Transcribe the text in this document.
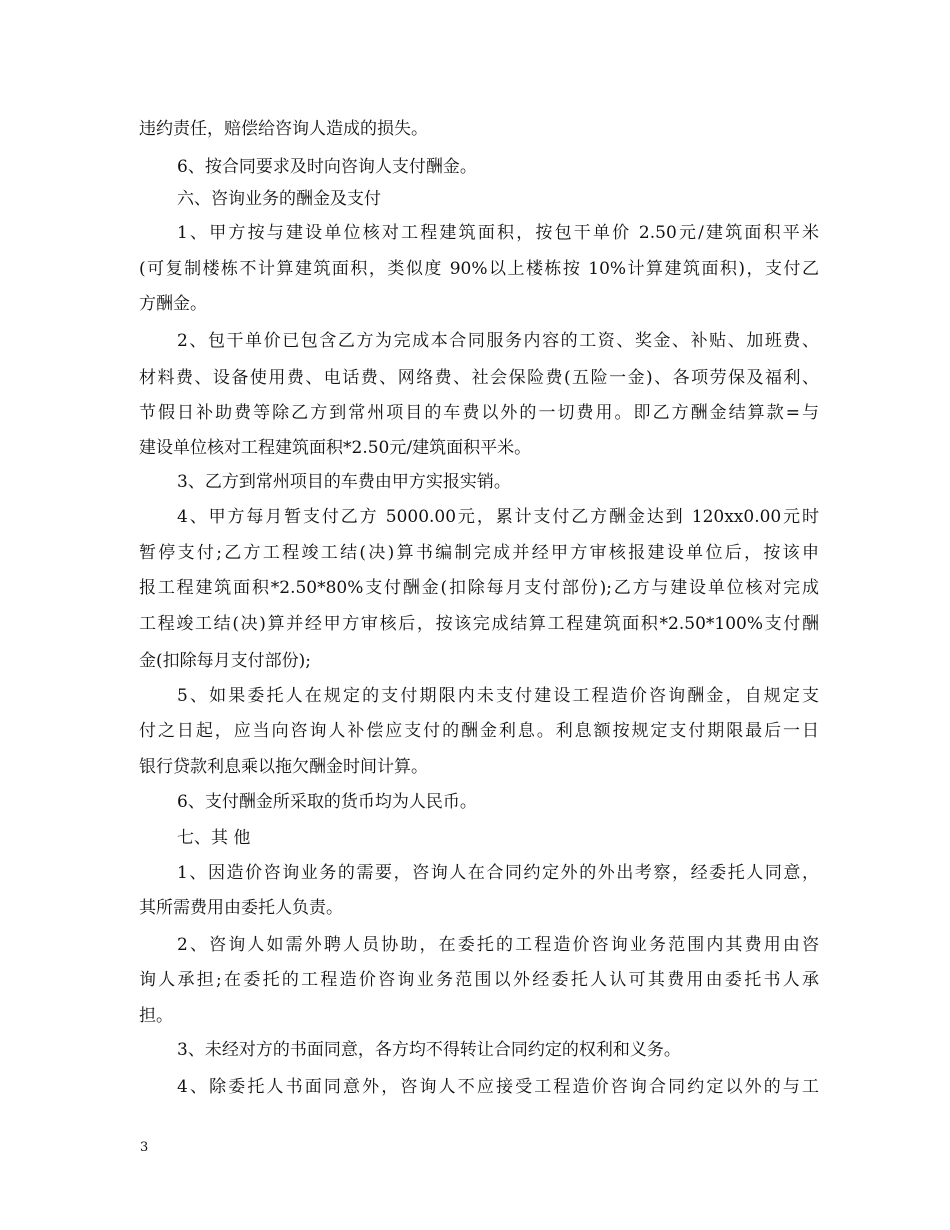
违约责任，赔偿给咨询人造成的损失。
6、按合同要求及时向咨询人支付酬金。
六、咨询业务的酬金及支付
1、甲方按与建设单位核对工程建筑面积，按包干单价 2.50元/建筑面积平米
(可复制楼栋不计算建筑面积，类似度 90%以上楼栋按 10%计算建筑面积)，支付乙
方酬金。
2、包干单价已包含乙方为完成本合同服务内容的工资、奖金、补贴、加班费、
材料费、设备使用费、电话费、网络费、社会保险费(五险一金)、各项劳保及福利、
节假日补助费等除乙方到常州项目的车费以外的一切费用。即乙方酬金结算款=与
建设单位核对工程建筑面积*2.50元/建筑面积平米。
3、乙方到常州项目的车费由甲方实报实销。
4、甲方每月暂支付乙方 5000.00元，累计支付乙方酬金达到 120xx0.00元时
暂停支付;乙方工程竣工结(决)算书编制完成并经甲方审核报建设单位后，按该申
报工程建筑面积*2.50*80%支付酬金(扣除每月支付部份);乙方与建设单位核对完成
工程竣工结(决)算并经甲方审核后，按该完成结算工程建筑面积*2.50*100%支付酬
金(扣除每月支付部份);
5、如果委托人在规定的支付期限内未支付建设工程造价咨询酬金，自规定支
付之日起，应当向咨询人补偿应支付的酬金利息。利息额按规定支付期限最后一日
银行贷款利息乘以拖欠酬金时间计算。
6、支付酬金所采取的货币均为人民币。
七、其 他
1、因造价咨询业务的需要，咨询人在合同约定外的外出考察，经委托人同意，
其所需费用由委托人负责。
2、咨询人如需外聘人员协助，在委托的工程造价咨询业务范围内其费用由咨
询人承担;在委托的工程造价咨询业务范围以外经委托人认可其费用由委托书人承
担。
3、未经对方的书面同意，各方均不得转让合同约定的权利和义务。
4、除委托人书面同意外，咨询人不应接受工程造价咨询合同约定以外的与工
3
